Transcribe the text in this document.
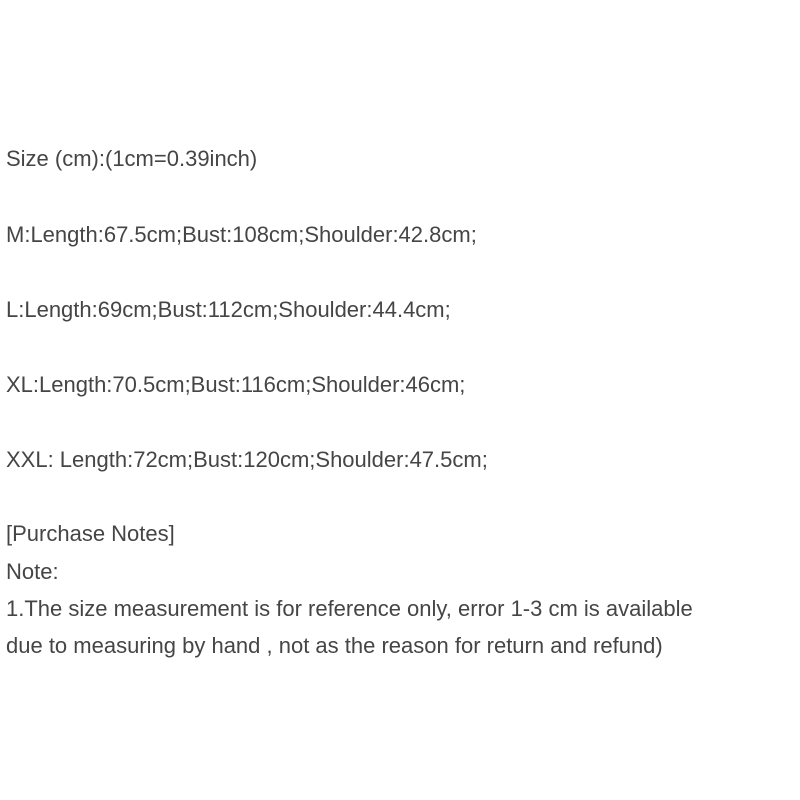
Size (cm):(1cm=0.39inch)
M:Length:67.5cm;Bust:108cm;Shoulder:42.8cm;
L:Length:69cm;Bust:112cm;Shoulder:44.4cm;
XL:Length:70.5cm;Bust:116cm;Shoulder:46cm;
XXL: Length:72cm;Bust:120cm;Shoulder:47.5cm;
[Purchase Notes]
Note:
1.The size measurement is for reference only, error 1-3 cm is available
due to measuring by hand , not as the reason for return and refund)
